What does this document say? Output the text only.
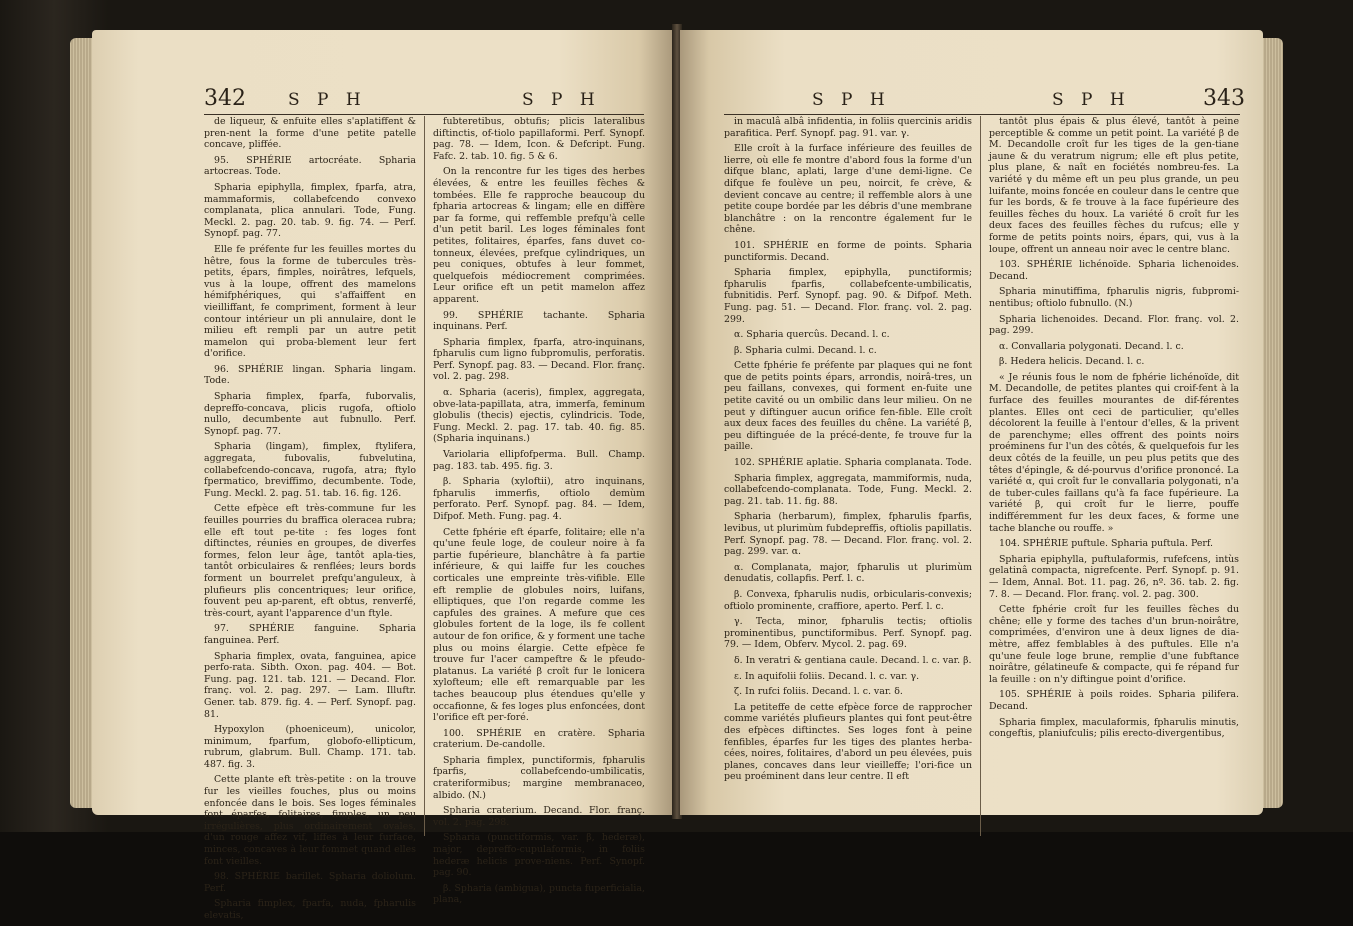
342 S P H	S P H

de liqueur, & enfuite elles s'aplatiffent & pren-nent la forme d'une petite patelle concave, pliffée.

95. SPHÉRIE artocréate. Spharia artocreas. Tode.

Spharia epiphylla, fimplex, fparfa, atra, mammaformis, collabefcendo convexo complanata, plica annulari. Tode, Fung. Meckl. 2. pag. 20. tab. 9. fig. 74. — Perf. Synopf. pag. 77.

Elle fe préfente fur les feuilles mortes du hêtre, fous la forme de tubercules très-petits, épars, fimples, noirâtres, lefquels, vus à la loupe, offrent des mamelons hémifphériques, qui s'affaiffent en vieilliffant, fe compriment, forment à leur contour intérieur un pli annulaire, dont le milieu eft rempli par un autre petit mamelon qui proba-blement leur fert d'orifice.

96. SPHÉRIE lingan. Spharia lingam. Tode.

Spharia fimplex, fparfa, fuborvalis, depreffo-concava, plicis rugofa, oftiolo nullo, decumbente aut fubnullo. Perf. Synopf. pag. 77.

Spharia (lingam), fimplex, ftylifera, aggregata, fubovalis, fubvelutina, collabefcendo-concava, rugofa, atra; ftylo fpermatico, breviffimo, decumbente. Tode, Fung. Meckl. 2. pag. 51. tab. 16. fig. 126.

Cette efpèce eft très-commune fur les feuilles pourries du braffica oleracea rubra; elle eft tout pe-tite : fes loges font diftinctes, réunies en groupes, de diverfes formes, felon leur âge, tantôt apla-ties, tantôt orbiculaires & renflées; leurs bords forment un bourrelet prefqu'anguleux, à plufieurs plis concentriques; leur orifice, fouvent peu ap-parent, eft obtus, renverfé, très-court, ayant l'apparence d'un ftyle.

97. SPHÉRIE fanguine. Spharia fanguinea. Perf.

Spharia fimplex, ovata, fanguinea, apice perfo-rata. Sibth. Oxon. pag. 404. — Bot. Fung. pag. 121. tab. 121. — Decand. Flor. franç. vol. 2. pag. 297. — Lam. Illuftr. Gener. tab. 879. fig. 4. — Perf. Synopf. pag. 81.

Hypoxylon (phoeniceum), unicolor, minimum, fparfum, globofo-ellipticum, rubrum, glabrum. Bull. Champ. 171. tab. 487. fig. 3.

Cette plante eft très-petite : on la trouve fur les vieilles fouches, plus ou moins enfoncée dans le bois. Ses loges féminales font éparfes, folitaires, fimples, un peu irrégulières, plus ordinairement ovales, d'un rouge affez vif, liffes à leur furface, minces, concaves à leur fommet quand elles font vieilles.

98. SPHÉRIE barillet. Spharia doliolum. Perf.

Spharia fimplex, fparfa, nuda, fpharulis elevatis,

fubteretibus, obtufis; plicis lateralibus diftinctis, of-tiolo papillaformi. Perf. Synopf. pag. 78. — Idem, Icon. & Defcript. Fung. Fafc. 2. tab. 10. fig. 5 & 6.

On la rencontre fur les tiges des herbes élevées, & entre les feuilles fèches & tombées. Elle fe rapproche beaucoup du fpharia artocreas & lingam; elle en diffère par fa forme, qui reffemble prefqu'à celle d'un petit baril. Les loges féminales font petites, folitaires, éparfes, fans duvet co-tonneux, élevées, prefque cylindriques, un peu coniques, obtufes à leur fommet, quelquefois médiocrement comprimées. Leur orifice eft un petit mamelon affez apparent.

99. SPHÉRIE tachante. Spharia inquinans. Perf.

Spharia fimplex, fparfa, atro-inquinans, fpharulis cum ligno fubpromulis, perforatis. Perf. Synopf. pag. 83. — Decand. Flor. franç. vol. 2. pag. 298.

α. Spharia (aceris), fimplex, aggregata, obve-lata-papillata, atra, immerfa, feminum globulis (thecis) ejectis, cylindricis. Tode, Fung. Meckl. 2. pag. 17. tab. 40. fig. 85. (Spharia inquinans.)

Variolaria ellipfofperma. Bull. Champ. pag. 183. tab. 495. fig. 3.

β. Spharia (xyloftii), atro inquinans, fpharulis immerfis, oftiolo demùm perforato. Perf. Synopf. pag. 84. — Idem, Difpof. Meth. Fung. pag. 4.

Cette fphérie eft éparfe, folitaire; elle n'a qu'une feule loge, de couleur noire à fa partie fupérieure, blanchâtre à fa partie inférieure, & qui laiffe fur les couches corticales une empreinte très-vifible. Elle eft remplie de globules noirs, luifans, elliptiques, que l'on regarde comme les capfules des graines. A mefure que ces globules fortent de la loge, ils fe collent autour de fon orifice, & y forment une tache plus ou moins élargie. Cette efpèce fe trouve fur l'acer campeftre & le pfeudo-platanus. La variété β croît fur le lonicera xylofteum; elle eft remarquable par les taches beaucoup plus étendues qu'elle y occafionne, & fes loges plus enfoncées, dont l'orifice eft per-foré.

100. SPHÉRIE en cratère. Spharia craterium. De-candolle.

Spharia fimplex, punctiformis, fpharulis fparfis, collabefcendo-umbilicatis, crateriformibus; margine membranaceo, albido. (N.)

Spharia craterium. Decand. Flor. franç. vol. 2. pag. 298.

Spharia (punctiformis, var. β, hederæ), major, depreffo-cupulaformis, in foliis hederæ helicis prove-niens. Perf. Synopf. pag. 90.

β. Spharia (ambigua), puncta fuperficialia, plana,

S P H	S P H	343

in maculâ albâ infidentia, in foliis quercinis aridis parafitica. Perf. Synopf. pag. 91. var. γ.

Elle croît à la furface inférieure des feuilles de lierre, où elle fe montre d'abord fous la forme d'un difque blanc, aplati, large d'une demi-ligne. Ce difque fe foulève un peu, noircit, fe crève, & devient concave au centre; il reffemble alors à une petite coupe bordée par les débris d'une membrane blanchâtre : on la rencontre également fur le chêne.

101. SPHÉRIE en forme de points. Spharia punctiformis. Decand.

Spharia fimplex, epiphylla, punctiformis; fpharulis fparfis, collabefcente-umbilicatis, fubnitidis. Perf. Synopf. pag. 90. & Difpof. Meth. Fung. pag. 51. — Decand. Flor. franç. vol. 2. pag. 299.

α. Spharia quercûs. Decand. l. c.

β. Spharia culmi. Decand. l. c.

Cette fphérie fe préfente par plaques qui ne font que de petits points épars, arrondis, noirâ-tres, un peu faillans, convexes, qui forment en-fuite une petite cavité ou un ombilic dans leur milieu. On ne peut y diftinguer aucun orifice fen-fible. Elle croît aux deux faces des feuilles du chêne. La variété β, peu diftinguée de la précé-dente, fe trouve fur la paille.

102. SPHÉRIE aplatie. Spharia complanata. Tode.

Spharia fimplex, aggregata, mammiformis, nuda, collabefcendo-complanata. Tode, Fung. Meckl. 2. pag. 21. tab. 11. fig. 88.

Spharia (herbarum), fimplex, fpharulis fparfis, levibus, ut plurimùm fubdepreffis, oftiolis papillatis. Perf. Synopf. pag. 78. — Decand. Flor. franç. vol. 2. pag. 299. var. α.

α. Complanata, major, fpharulis ut plurimùm denudatis, collapfis. Perf. l. c.

β. Convexa, fpharulis nudis, orbicularis-convexis; oftiolo prominente, craffiore, aperto. Perf. l. c.

γ. Tecta, minor, fpharulis tectis; oftiolis prominentibus, punctiformibus. Perf. Synopf. pag. 79. — Idem, Obferv. Mycol. 2. pag. 69.

δ. In veratri & gentiana caule. Decand. l. c. var. β.

ε. In aquifolii foliis. Decand. l. c. var. γ.

ζ. In rufci foliis. Decand. l. c. var. δ.

La petiteffe de cette efpèce force de rapprocher comme variétés plufieurs plantes qui font peut-être des efpèces diftinctes. Ses loges font à peine fenfibles, éparfes fur les tiges des plantes herba-cées, noires, folitaires, d'abord un peu élevées, puis planes, concaves dans leur vieilleffe; l'ori-fice un peu proéminent dans leur centre. Il eft

tantôt plus épais & plus élevé, tantôt à peine perceptible & comme un petit point. La variété β de M. Decandolle croît fur les tiges de la gen-tiane jaune & du veratrum nigrum; elle eft plus petite, plus plane, & naît en fociétés nombreu-fes. La variété γ du même eft un peu plus grande, un peu luifante, moins foncée en couleur dans le centre que fur les bords, & fe trouve à la face fupérieure des feuilles fèches du houx. La variété δ croît fur les deux faces des feuilles fèches du rufcus; elle y forme de petits points noirs, épars, qui, vus à la loupe, offrent un anneau noir avec le centre blanc.

103. SPHÉRIE lichénoïde. Spharia lichenoides. Decand.

Spharia minutiffima, fpharulis nigris, fubpromi-nentibus; oftiolo fubnullo. (N.)

Spharia lichenoides. Decand. Flor. franç. vol. 2. pag. 299.

α. Convallaria polygonati. Decand. l. c.

β. Hedera helicis. Decand. l. c.

« Je réunis fous le nom de fphérie lichénoïde, dit M. Decandolle, de petites plantes qui croif-fent à la furface des feuilles mourantes de dif-férentes plantes. Elles ont ceci de particulier, qu'elles décolorent la feuille à l'entour d'elles, & la privent de parenchyme; elles offrent des points noirs proéminens fur l'un des côtés, & quelquefois fur les deux côtés de la feuille, un peu plus petits que des têtes d'épingle, & dé-pourvus d'orifice prononcé. La variété α, qui croît fur le convallaria polygonati, n'a de tuber-cules faillans qu'à fa face fupérieure. La variété β, qui croît fur le lierre, pouffe indifféremment fur les deux faces, & forme une tache blanche ou rouffe. »

104. SPHÉRIE puftule. Spharia puftula. Perf.

Spharia epiphylla, puftulaformis, rufefcens, intùs gelatinâ compacta, nigrefcente. Perf. Synopf. p. 91. — Idem, Annal. Bot. 11. pag. 26, nº. 36. tab. 2. fig. 7. 8. — Decand. Flor. franç. vol. 2. pag. 300.

Cette fphérie croît fur les feuilles fèches du chêne; elle y forme des taches d'un brun-noirâtre, comprimées, d'environ une à deux lignes de dia-mètre, affez femblables à des puftules. Elle n'a qu'une feule loge brune, remplie d'une fubftance noirâtre, gélatineufe & compacte, qui fe répand fur la feuille : on n'y diftingue point d'orifice.

105. SPHÉRIE à poils roides. Spharia pilifera. Decand.

Spharia fimplex, maculaformis, fpharulis minutis, congeftis, planiufculis; pilis erecto-divergentibus,
